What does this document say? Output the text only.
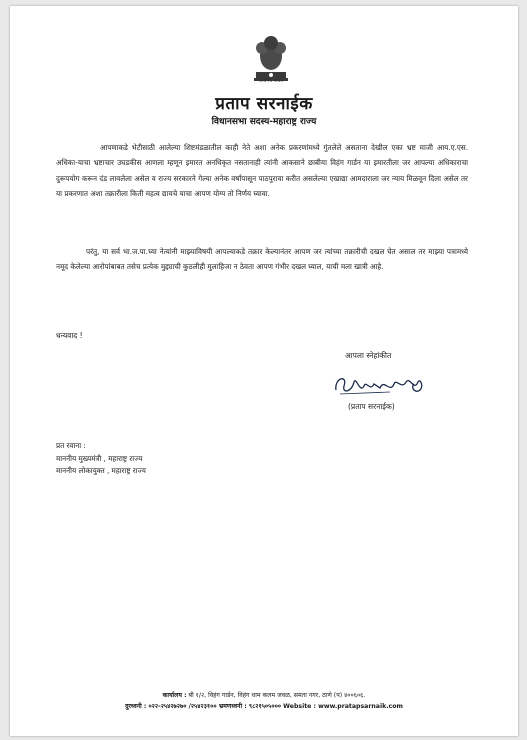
सत्यमेव जयते
प्रताप सरनाईक
विधानसभा सदस्य-महाराष्ट्र राज्य
आपणाकडे भेटीसाठी आलेल्या शिष्टमंडळातील काही नेते अशा अनेक प्रकरणांमध्ये गुंतलेले असताना देखील एका भ्रष्ट माजी आय.ए.एस. अधिका-याचा भ्रष्टाचार उघडकीस आणला म्हणून इमारत अनधिकृत नसतानाही त्यांनी आकसाने छाबीया विहंग गार्डन या इमारतीला जर आपल्या अधिकाराचा दुरूपयोग करून दंड लावलेला असेल व राज्य सरकारने गेल्या अनेक वर्षांपासून पाठपुरावा करीत असलेल्या एखाद्या आमदाराला जर न्याय मिळवून दिला असेल तर या प्रकरणात अशा तक्रारीला किती महत्व द्यायचे याचा आपण योग्य तो निर्णय घ्यावा.
परंतु, या सर्व भा.ज.पा.च्या नेत्यांनी माझ्याविषयी आपल्याकडे तक्रार केल्यानंतर आपण जर त्यांच्या तक्रारीची दखल घेत असाल तर माझ्या पत्रामध्ये नमूद केलेल्या आरोपांबाबत तसेच प्रत्येक मुद्द्याची कुठलीही मुलाहिजा न ठेवता आपण गंभीर दखल घ्याल, याची मला खात्री आहे.
धन्यवाद !
आपला स्नेहांकीत
(प्रताप सरनाईक)
प्रत रवाना :
माननीय मुख्यमंत्री , महाराष्ट्र राज्य
माननीय लोकायुक्त , महाराष्ट्र राज्य
कार्यालय : बी १/२, विहंग गार्डन, विहंग धाम कलम जवळ, समता नगर, ठाणे (प) ४००६०६.
दुरध्वनी : ०२२-२५४२७२७० /२५४२३१०० भ्रमणध्वनी : ९८२१५०५००० Website : www.pratapsarnaik.com
